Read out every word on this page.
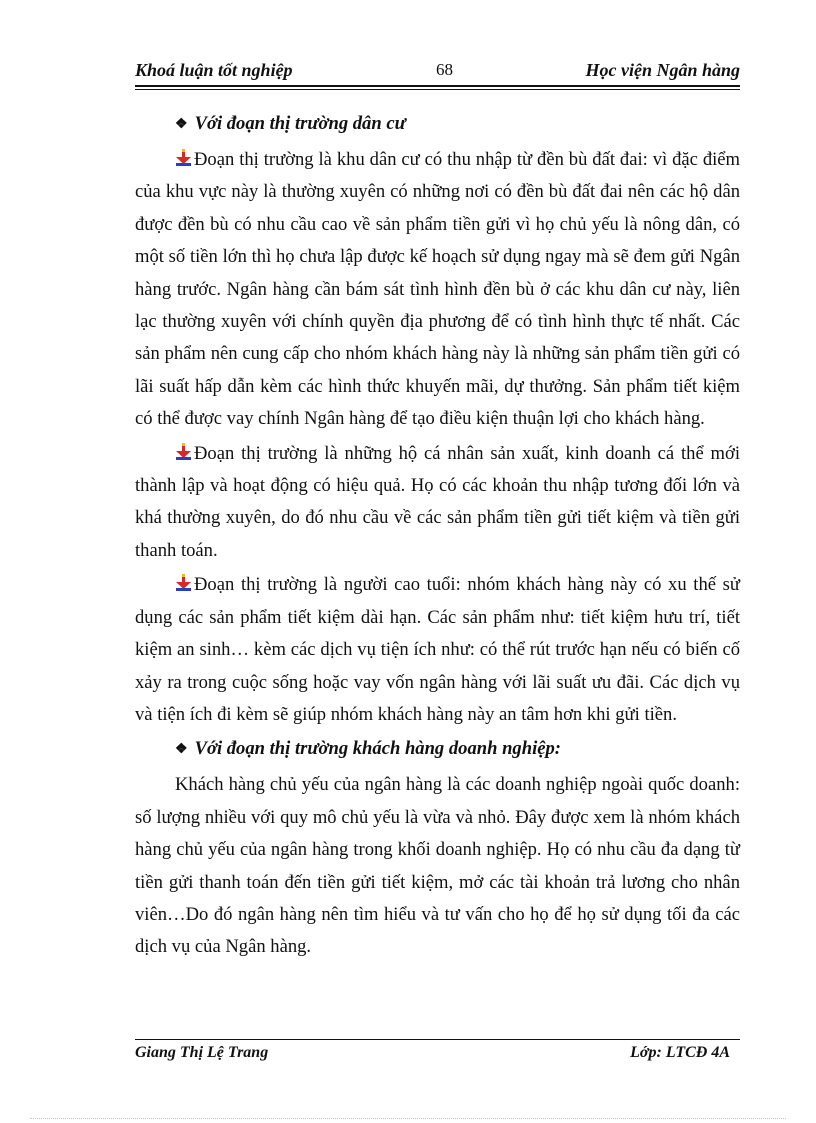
Khoá luận tốt nghiệp	68	Học viện Ngân hàng
❖ Với đoạn thị trường dân cư

Đoạn thị trường là khu dân cư có thu nhập từ đền bù đất đai: vì đặc điểm của khu vực này là thường xuyên có những nơi có đền bù đất đai nên các hộ dân được đền bù có nhu cầu cao về sản phẩm tiền gửi vì họ chủ yếu là nông dân, có một số tiền lớn thì họ chưa lập được kế hoạch sử dụng ngay mà sẽ đem gửi Ngân hàng trước. Ngân hàng cần bám sát tình hình đền bù ở các khu dân cư này, liên lạc thường xuyên với chính quyền địa phương để có tình hình thực tế nhất. Các sản phẩm nên cung cấp cho nhóm khách hàng này là những sản phẩm tiền gửi có lãi suất hấp dẫn kèm các hình thức khuyến mãi, dự thưởng. Sản phẩm tiết kiệm có thể được vay chính Ngân hàng để tạo điều kiện thuận lợi cho khách hàng.

Đoạn thị trường là những hộ cá nhân sản xuất, kinh doanh cá thể mới thành lập và hoạt động có hiệu quả. Họ có các khoản thu nhập tương đối lớn và khá thường xuyên, do đó nhu cầu về các sản phẩm tiền gửi tiết kiệm và tiền gửi thanh toán.

Đoạn thị trường là người cao tuổi: nhóm khách hàng này có xu thế sử dụng các sản phẩm tiết kiệm dài hạn. Các sản phẩm như: tiết kiệm hưu trí, tiết kiệm an sinh… kèm các dịch vụ tiện ích như: có thể rút trước hạn nếu có biến cố xảy ra trong cuộc sống hoặc vay vốn ngân hàng với lãi suất ưu đãi. Các dịch vụ và tiện ích đi kèm sẽ giúp nhóm khách hàng này an tâm hơn khi gửi tiền.

❖ Với đoạn thị trường khách hàng doanh nghiệp:

Khách hàng chủ yếu của ngân hàng là các doanh nghiệp ngoài quốc doanh: số lượng nhiều với quy mô chủ yếu là vừa và nhỏ. Đây được xem là nhóm khách hàng chủ yếu của ngân hàng trong khối doanh nghiệp. Họ có nhu cầu đa dạng từ tiền gửi thanh toán đến tiền gửi tiết kiệm, mở các tài khoản trả lương cho nhân viên…Do đó ngân hàng nên tìm hiểu và tư vấn cho họ để họ sử dụng tối đa các dịch vụ của Ngân hàng.

Giang Thị Lệ Trang	Lớp: LTCĐ 4A
